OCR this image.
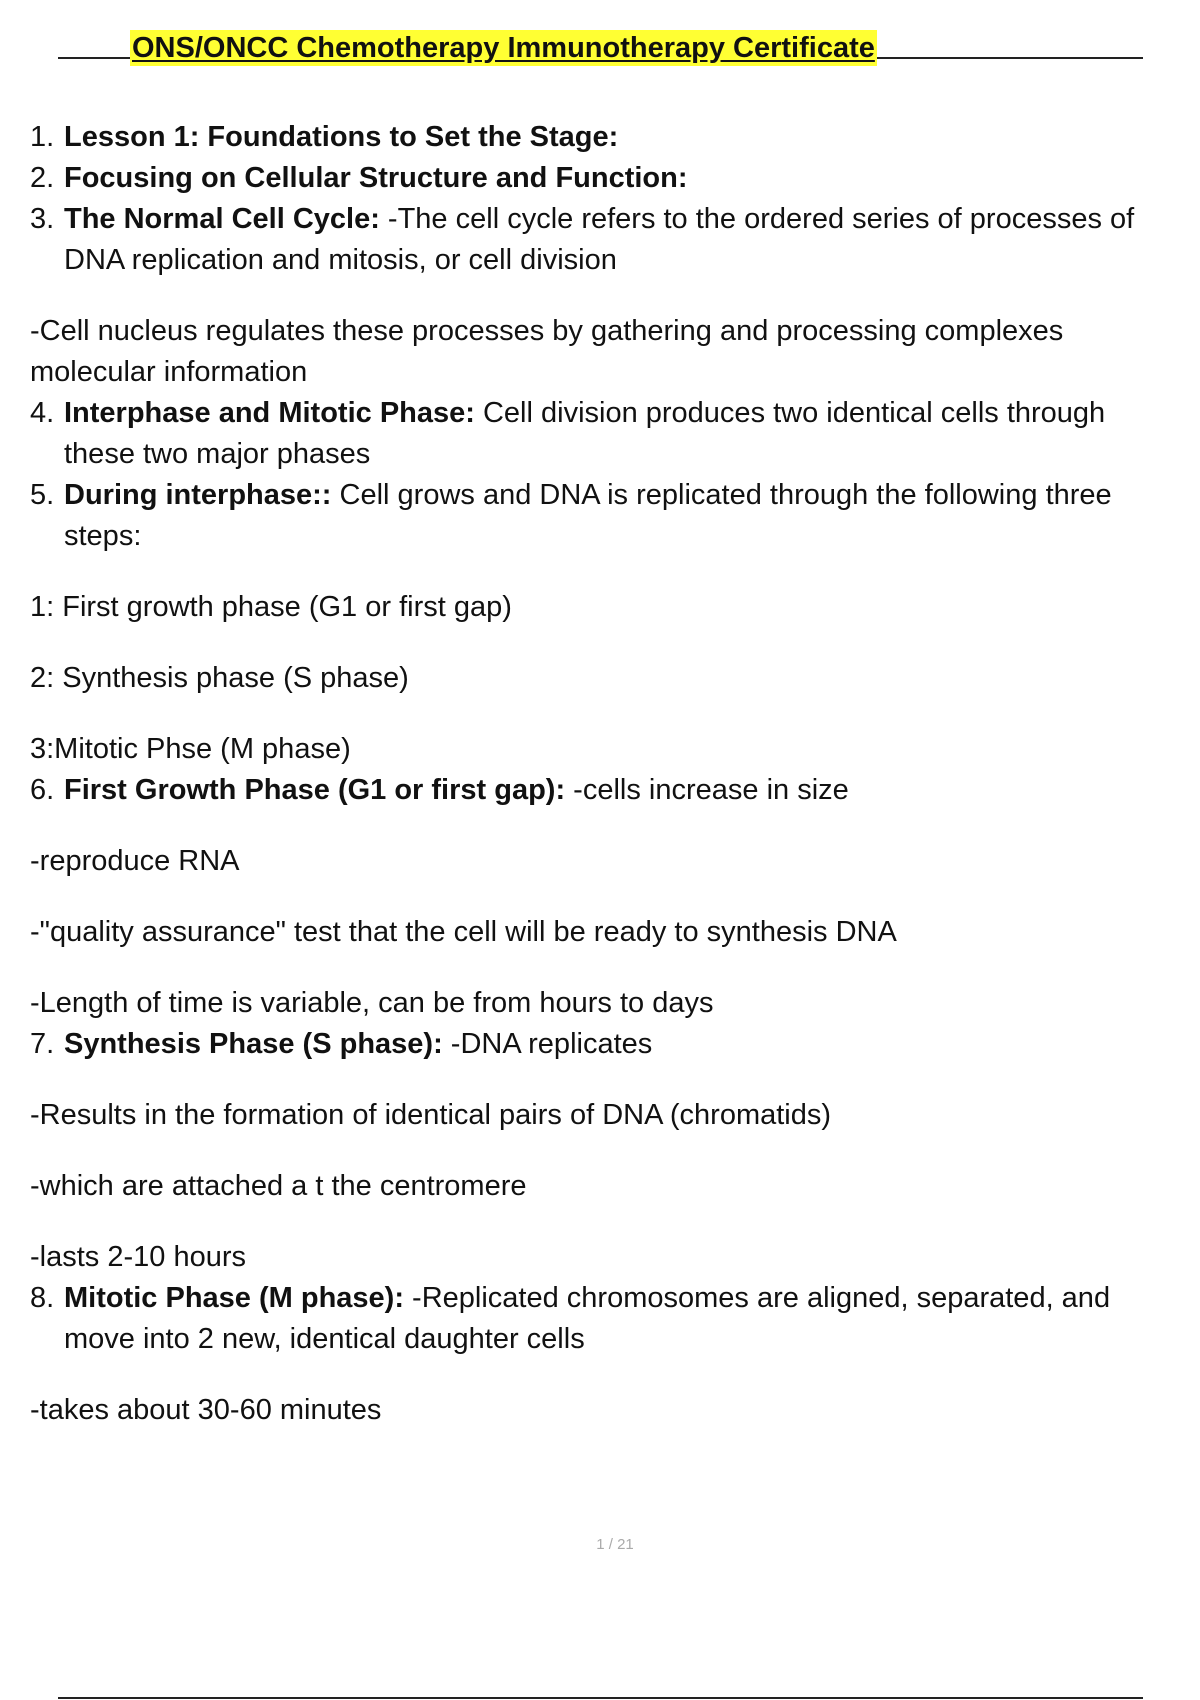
ONS/ONCC Chemotherapy Immunotherapy Certificate
1. Lesson 1: Foundations to Set the Stage:
2. Focusing on Cellular Structure and Function:
3. The Normal Cell Cycle: -The cell cycle refers to the ordered series of processes of DNA replication and mitosis, or cell division

-Cell nucleus regulates these processes by gathering and processing complexes molecular information

4. Interphase and Mitotic Phase: Cell division produces two identical cells through these two major phases
5. During interphase:: Cell grows and DNA is replicated through the following three steps:

1: First growth phase (G1 or first gap)

2: Synthesis phase (S phase)

3:Mitotic Phse (M phase)

6. First Growth Phase (G1 or first gap): -cells increase in size

-reproduce RNA

-"quality assurance" test that the cell will be ready to synthesis DNA

-Length of time is variable, can be from hours to days

7. Synthesis Phase (S phase): -DNA replicates

-Results in the formation of identical pairs of DNA (chromatids)

-which are attached a t the centromere

-lasts 2-10 hours

8. Mitotic Phase (M phase): -Replicated chromosomes are aligned, separated, and move into 2 new, identical daughter cells

-takes about 30-60 minutes

1 / 21
